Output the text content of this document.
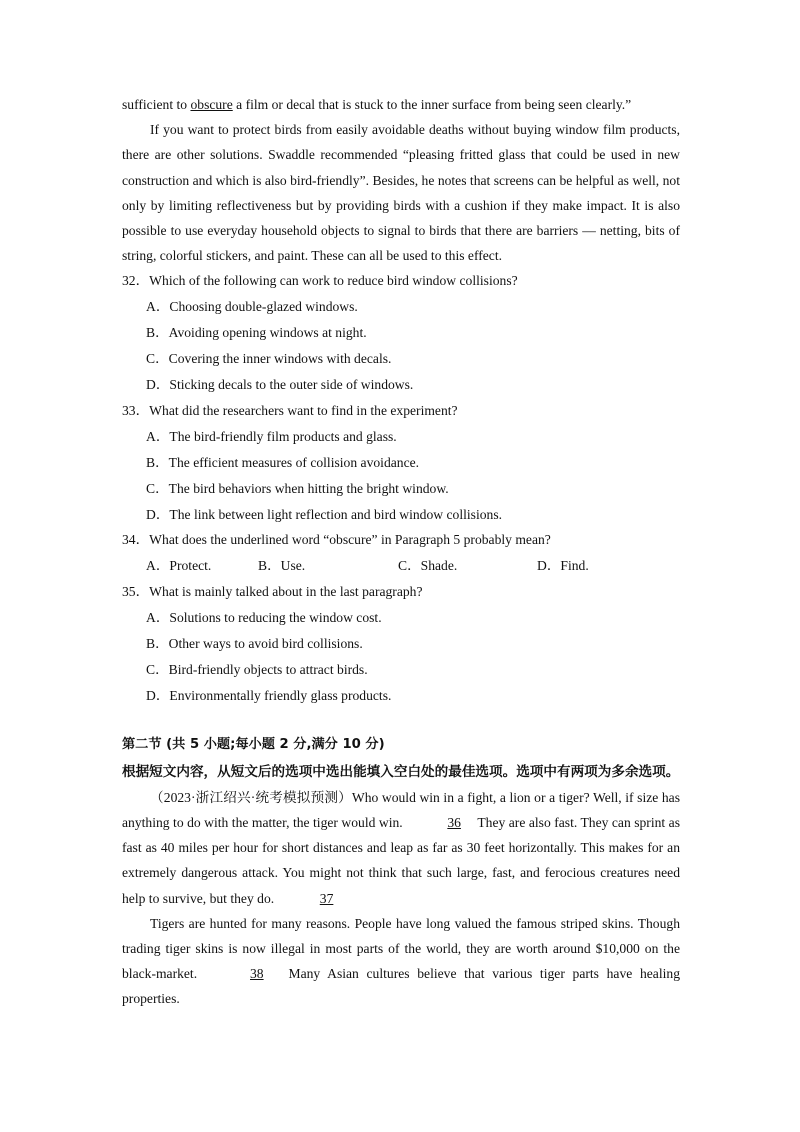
sufficient to obscure a film or decal that is stuck to the inner surface from being seen clearly.”

If you want to protect birds from easily avoidable deaths without buying window film products, there are other solutions. Swaddle recommended “pleasing fritted glass that could be used in new construction and which is also bird-friendly”. Besides, he notes that screens can be helpful as well, not only by limiting reflectiveness but by providing birds with a cushion if they make impact. It is also possible to use everyday household objects to signal to birds that there are barriers — netting, bits of string, colorful stickers, and paint. These can all be used to this effect.

32．Which of the following can work to reduce bird window collisions?

A．Choosing double-glazed windows.

B．Avoiding opening windows at night.

C．Covering the inner windows with decals.

D．Sticking decals to the outer side of windows.

33．What did the researchers want to find in the experiment?

A．The bird-friendly film products and glass.

B．The efficient measures of collision avoidance.

C．The bird behaviors when hitting the bright window.

D．The link between light reflection and bird window collisions.

34．What does the underlined word “obscure” in Paragraph 5 probably mean?

A．Protect.	B．Use.	C．Shade.	D．Find.

35．What is mainly talked about in the last paragraph?

A．Solutions to reducing the window cost.

B．Other ways to avoid bird collisions.

C．Bird-friendly objects to attract birds.

D．Environmentally friendly glass products.

第二节 (共 5 小题;每小题 2 分,满分 10 分)
根据短文内容，从短文后的选项中选出能填入空白处的最佳选项。选项中有两项为多余选项。

（2023·浙江绍兴·统考模拟预测）Who would win in a fight, a lion or a tiger? Well, if size has anything to do with the matter, the tiger would win.	36 They are also fast. They can sprint as fast as 40 miles per hour for short distances and leap as far as 30 feet horizontally. This makes for an extremely dangerous attack. You might not think that such large, fast, and ferocious creatures need help to survive, but they do.	37

Tigers are hunted for many reasons. People have long valued the famous striped skins. Though trading tiger skins is now illegal in most parts of the world, they are worth around $10,000 on the black-market.	38 Many Asian cultures believe that various tiger parts have healing properties.
